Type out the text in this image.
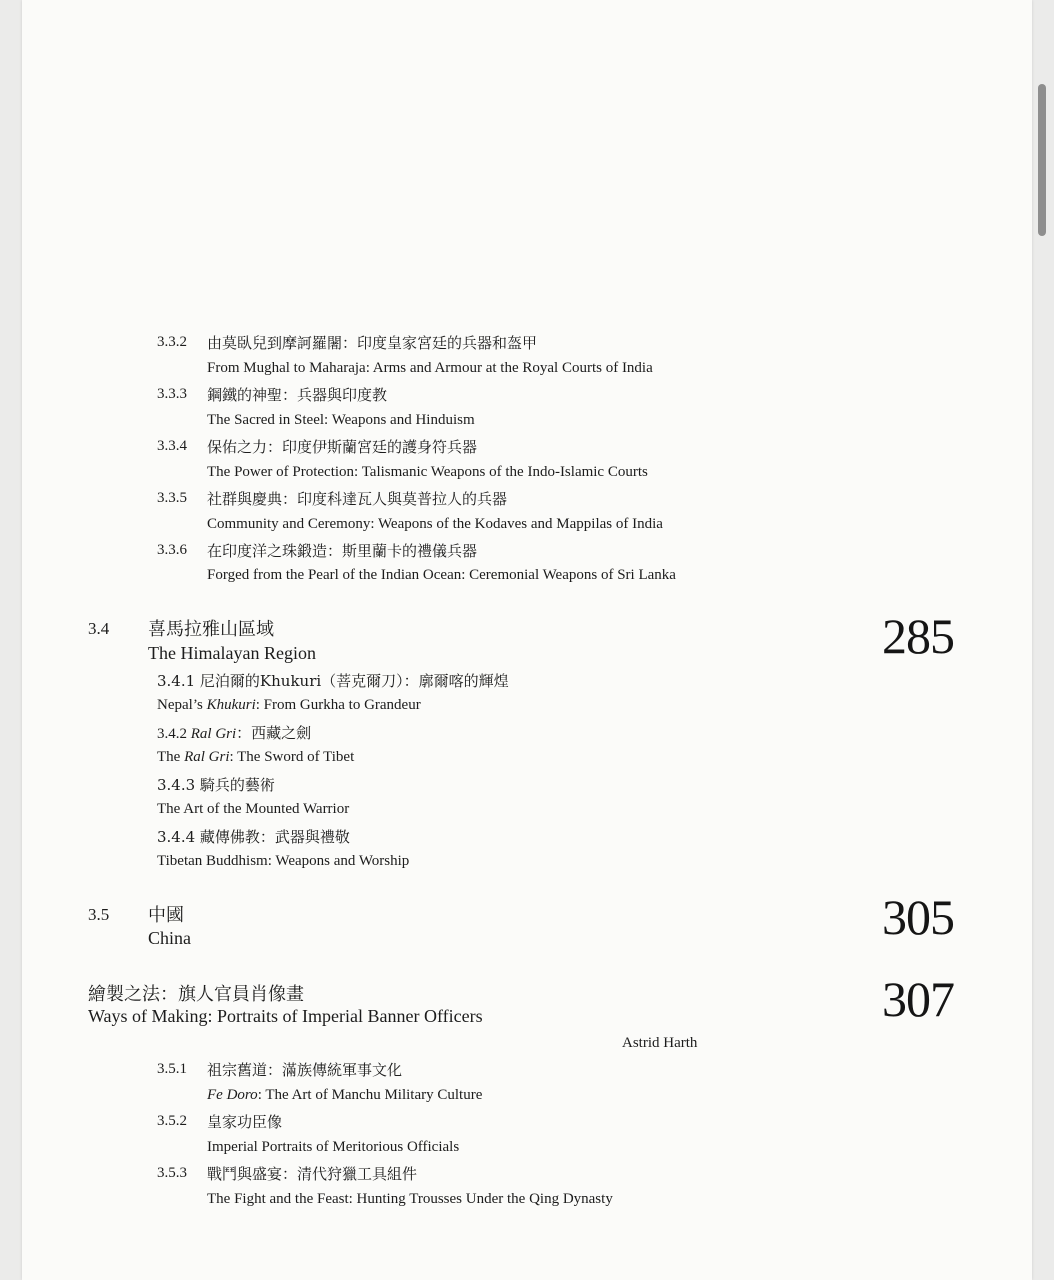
3.3.2 由莫臥兒到摩訶羅闍：印度皇家宮廷的兵器和盔甲
From Mughal to Maharaja: Arms and Armour at the Royal Courts of India
3.3.3 鋼鐵的神聖：兵器與印度教
The Sacred in Steel: Weapons and Hinduism
3.3.4 保佑之力：印度伊斯蘭宮廷的護身符兵器
The Power of Protection: Talismanic Weapons of the Indo-Islamic Courts
3.3.5 社群與慶典：印度科達瓦人與莫普拉人的兵器
Community and Ceremony: Weapons of the Kodaves and Mappilas of India
3.3.6 在印度洋之珠鍛造：斯里蘭卡的禮儀兵器
Forged from the Pearl of the Indian Ocean: Ceremonial Weapons of Sri Lanka
3.4 喜馬拉雅山區域
The Himalayan Region	285
3.4.1 尼泊爾的Khukuri（菩克爾刀）：廓爾喀的輝煌
Nepal’s Khukuri: From Gurkha to Grandeur
3.4.2 Ral Gri：西藏之劍
The Ral Gri: The Sword of Tibet
3.4.3 騎兵的藝術
The Art of the Mounted Warrior
3.4.4 藏傳佛教：武器與禮敬
Tibetan Buddhism: Weapons and Worship
3.5 中國
China	305
繪製之法：旗人官員肖像畫
Ways of Making: Portraits of Imperial Banner Officers	307
Astrid Harth
3.5.1 祖宗舊道：滿族傳統軍事文化
Fe Doro: The Art of Manchu Military Culture
3.5.2 皇家功臣像
Imperial Portraits of Meritorious Officials
3.5.3 戰鬥與盛宴：清代狩獵工具組件
The Fight and the Feast: Hunting Trousses Under the Qing Dynasty
